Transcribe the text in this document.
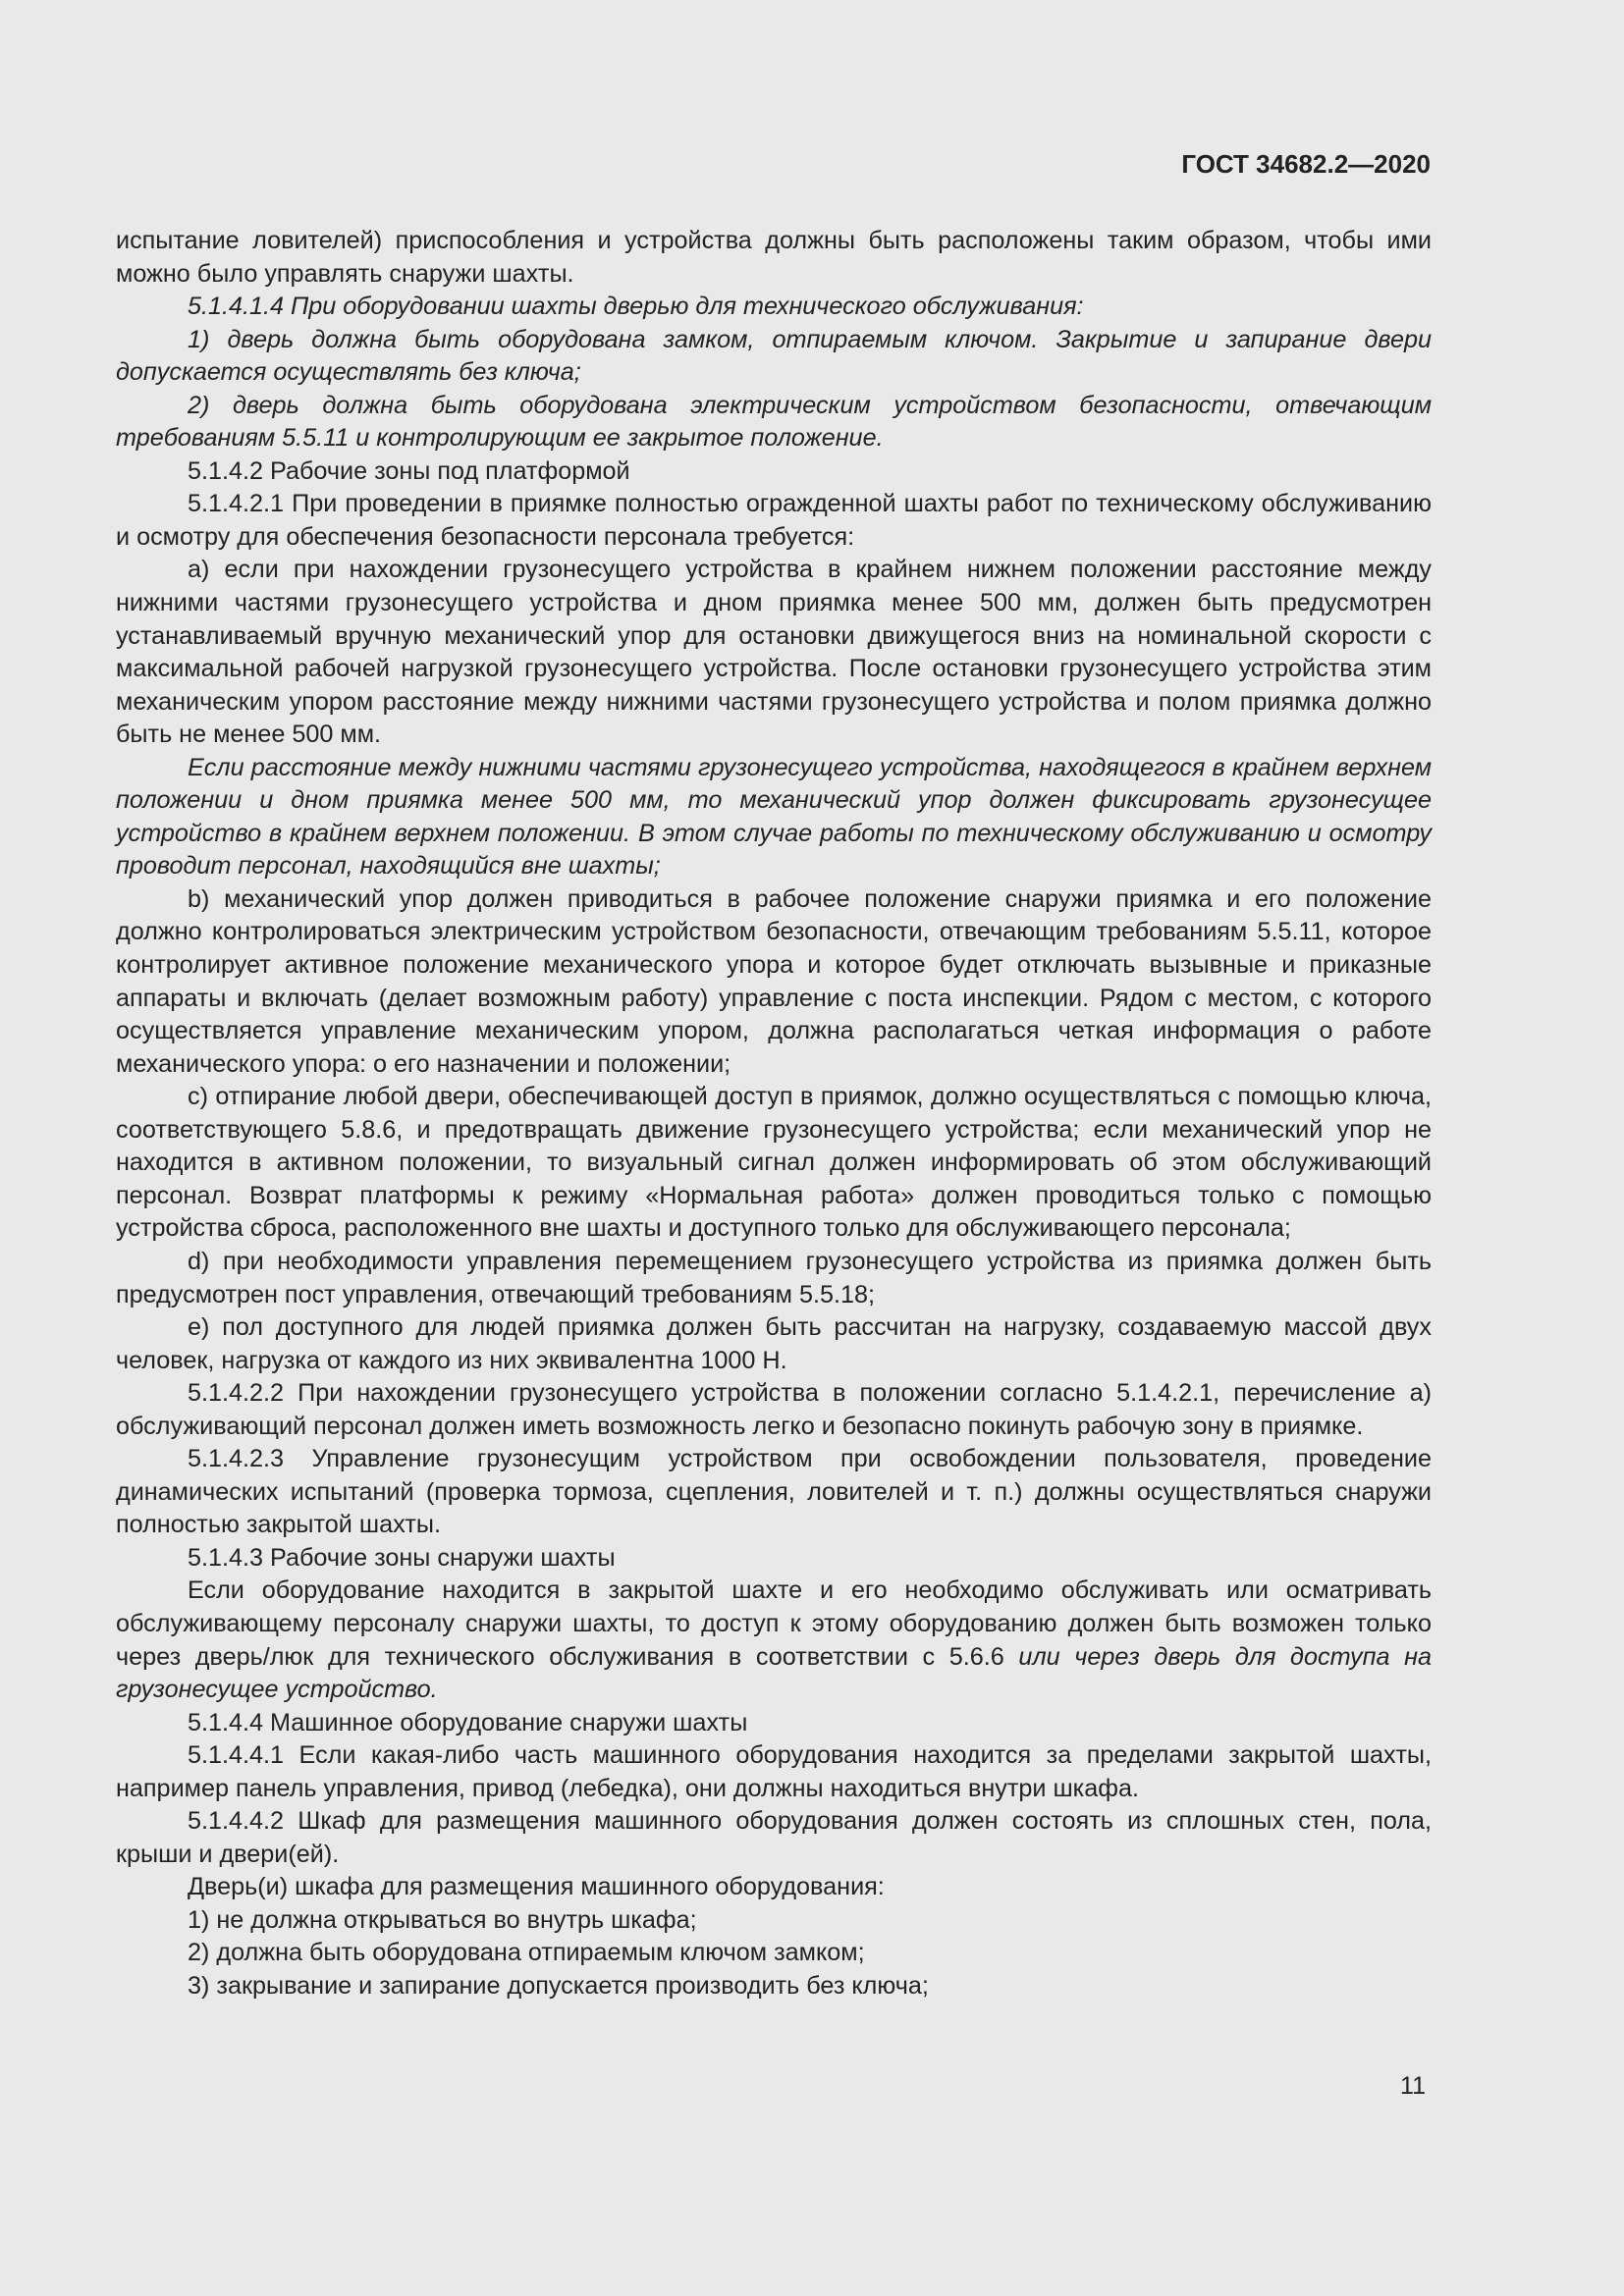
ГОСТ 34682.2—2020

испытание ловителей) приспособления и устройства должны быть расположены таким образом, чтобы ими можно было управлять снаружи шахты.

5.1.4.1.4 При оборудовании шахты дверью для технического обслуживания:

1) дверь должна быть оборудована замком, отпираемым ключом. Закрытие и запирание двери допускается осуществлять без ключа;

2) дверь должна быть оборудована электрическим устройством безопасности, отвечающим требованиям 5.5.11 и контролирующим ее закрытое положение.

5.1.4.2 Рабочие зоны под платформой

5.1.4.2.1 При проведении в приямке полностью огражденной шахты работ по техническому обслуживанию и осмотру для обеспечения безопасности персонала требуется:

a) если при нахождении грузонесущего устройства в крайнем нижнем положении расстояние между нижними частями грузонесущего устройства и дном приямка менее 500 мм, должен быть предусмотрен устанавливаемый вручную механический упор для остановки движущегося вниз на номинальной скорости с максимальной рабочей нагрузкой грузонесущего устройства. После остановки грузонесущего устройства этим механическим упором расстояние между нижними частями грузонесущего устройства и полом приямка должно быть не менее 500 мм.

Если расстояние между нижними частями грузонесущего устройства, находящегося в крайнем верхнем положении и дном приямка менее 500 мм, то механический упор должен фиксировать грузонесущее устройство в крайнем верхнем положении. В этом случае работы по техническому обслуживанию и осмотру проводит персонал, находящийся вне шахты;

b) механический упор должен приводиться в рабочее положение снаружи приямка и его положение должно контролироваться электрическим устройством безопасности, отвечающим требованиям 5.5.11, которое контролирует активное положение механического упора и которое будет отключать вызывные и приказные аппараты и включать (делает возможным работу) управление с поста инспекции. Рядом с местом, с которого осуществляется управление механическим упором, должна располагаться четкая информация о работе механического упора: о его назначении и положении;

c) отпирание любой двери, обеспечивающей доступ в приямок, должно осуществляться с помощью ключа, соответствующего 5.8.6, и предотвращать движение грузонесущего устройства; если механический упор не находится в активном положении, то визуальный сигнал должен информировать об этом обслуживающий персонал. Возврат платформы к режиму «Нормальная работа» должен проводиться только с помощью устройства сброса, расположенного вне шахты и доступного только для обслуживающего персонала;

d) при необходимости управления перемещением грузонесущего устройства из приямка должен быть предусмотрен пост управления, отвечающий требованиям 5.5.18;

e) пол доступного для людей приямка должен быть рассчитан на нагрузку, создаваемую массой двух человек, нагрузка от каждого из них эквивалентна 1000 Н.

5.1.4.2.2 При нахождении грузонесущего устройства в положении согласно 5.1.4.2.1, перечисление а) обслуживающий персонал должен иметь возможность легко и безопасно покинуть рабочую зону в приямке.

5.1.4.2.3 Управление грузонесущим устройством при освобождении пользователя, проведение динамических испытаний (проверка тормоза, сцепления, ловителей и т. п.) должны осуществляться снаружи полностью закрытой шахты.

5.1.4.3 Рабочие зоны снаружи шахты

Если оборудование находится в закрытой шахте и его необходимо обслуживать или осматривать обслуживающему персоналу снаружи шахты, то доступ к этому оборудованию должен быть возможен только через дверь/люк для технического обслуживания в соответствии с 5.6.6 или через дверь для доступа на грузонесущее устройство.

5.1.4.4 Машинное оборудование снаружи шахты

5.1.4.4.1 Если какая-либо часть машинного оборудования находится за пределами закрытой шахты, например панель управления, привод (лебедка), они должны находиться внутри шкафа.

5.1.4.4.2 Шкаф для размещения машинного оборудования должен состоять из сплошных стен, пола, крыши и двери(ей).

Дверь(и) шкафа для размещения машинного оборудования:

1) не должна открываться во внутрь шкафа;

2) должна быть оборудована отпираемым ключом замком;

3) закрывание и запирание допускается производить без ключа;

11
